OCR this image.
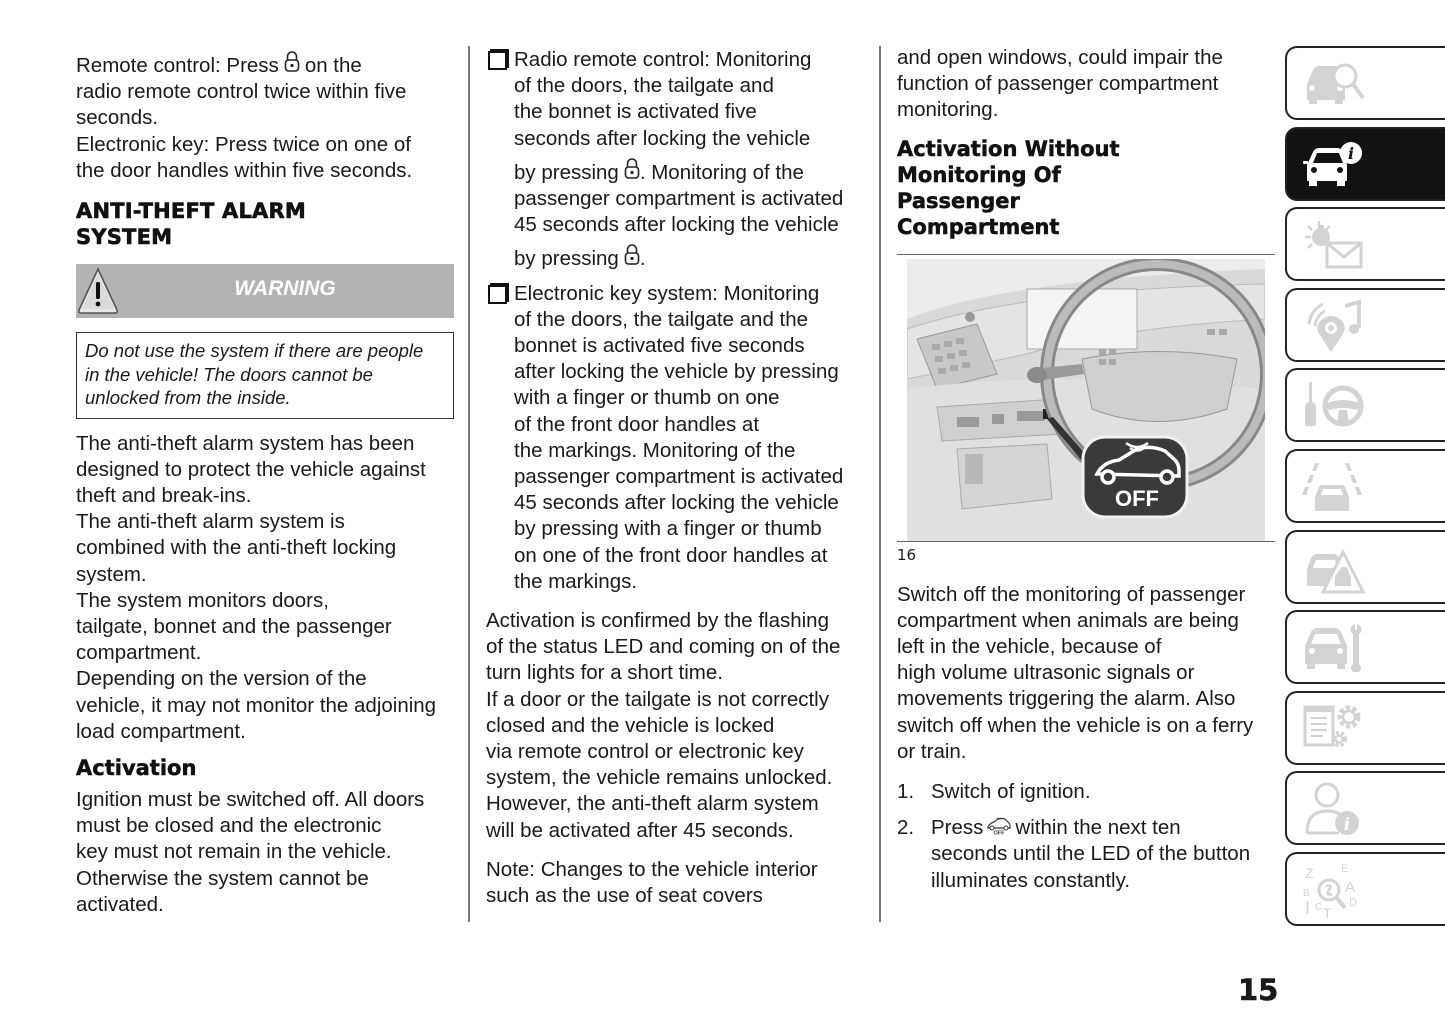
Remote control: Press on the
radio remote control twice within five
seconds.
Electronic key: Press twice on one of
the door handles within five seconds.
ANTI-THEFT ALARM
SYSTEM
WARNING
Do not use the system if there are people
in the vehicle! The doors cannot be
unlocked from the inside.
The anti-theft alarm system has been
designed to protect the vehicle against
theft and break-ins.
The anti-theft alarm system is
combined with the anti-theft locking
system.
The system monitors doors,
tailgate, bonnet and the passenger
compartment.
Depending on the version of the
vehicle, it may not monitor the adjoining
load compartment.
Activation
Ignition must be switched off. All doors
must be closed and the electronic
key must not remain in the vehicle.
Otherwise the system cannot be
activated.
Radio remote control: Monitoring
of the doors, the tailgate and
the bonnet is activated five
seconds after locking the vehicle
by pressing . Monitoring of the
passenger compartment is activated
45 seconds after locking the vehicle
by pressing .
Electronic key system: Monitoring
of the doors, the tailgate and the
bonnet is activated five seconds
after locking the vehicle by pressing
with a finger or thumb on one
of the front door handles at
the markings. Monitoring of the
passenger compartment is activated
45 seconds after locking the vehicle
by pressing with a finger or thumb
on one of the front door handles at
the markings.
Activation is confirmed by the flashing
of the status LED and coming on of the
turn lights for a short time.
If a door or the tailgate is not correctly
closed and the vehicle is locked
via remote control or electronic key
system, the vehicle remains unlocked.
However, the anti-theft alarm system
will be activated after 45 seconds.
Note: Changes to the vehicle interior
such as the use of seat covers
and open windows, could impair the
function of passenger compartment
monitoring.
Activation Without
Monitoring Of
Passenger
Compartment
OFF
16
Switch off the monitoring of passenger
compartment when animals are being
left in the vehicle, because of
high volume ultrasonic signals or
movements triggering the alarm. Also
switch off when the vehicle is on a ferry
or train.
1. Switch of ignition.
2. Press OFF within the next ten
seconds until the LED of the button
illuminates constantly.
i
i
Z E
A
B
D
I C T
15
